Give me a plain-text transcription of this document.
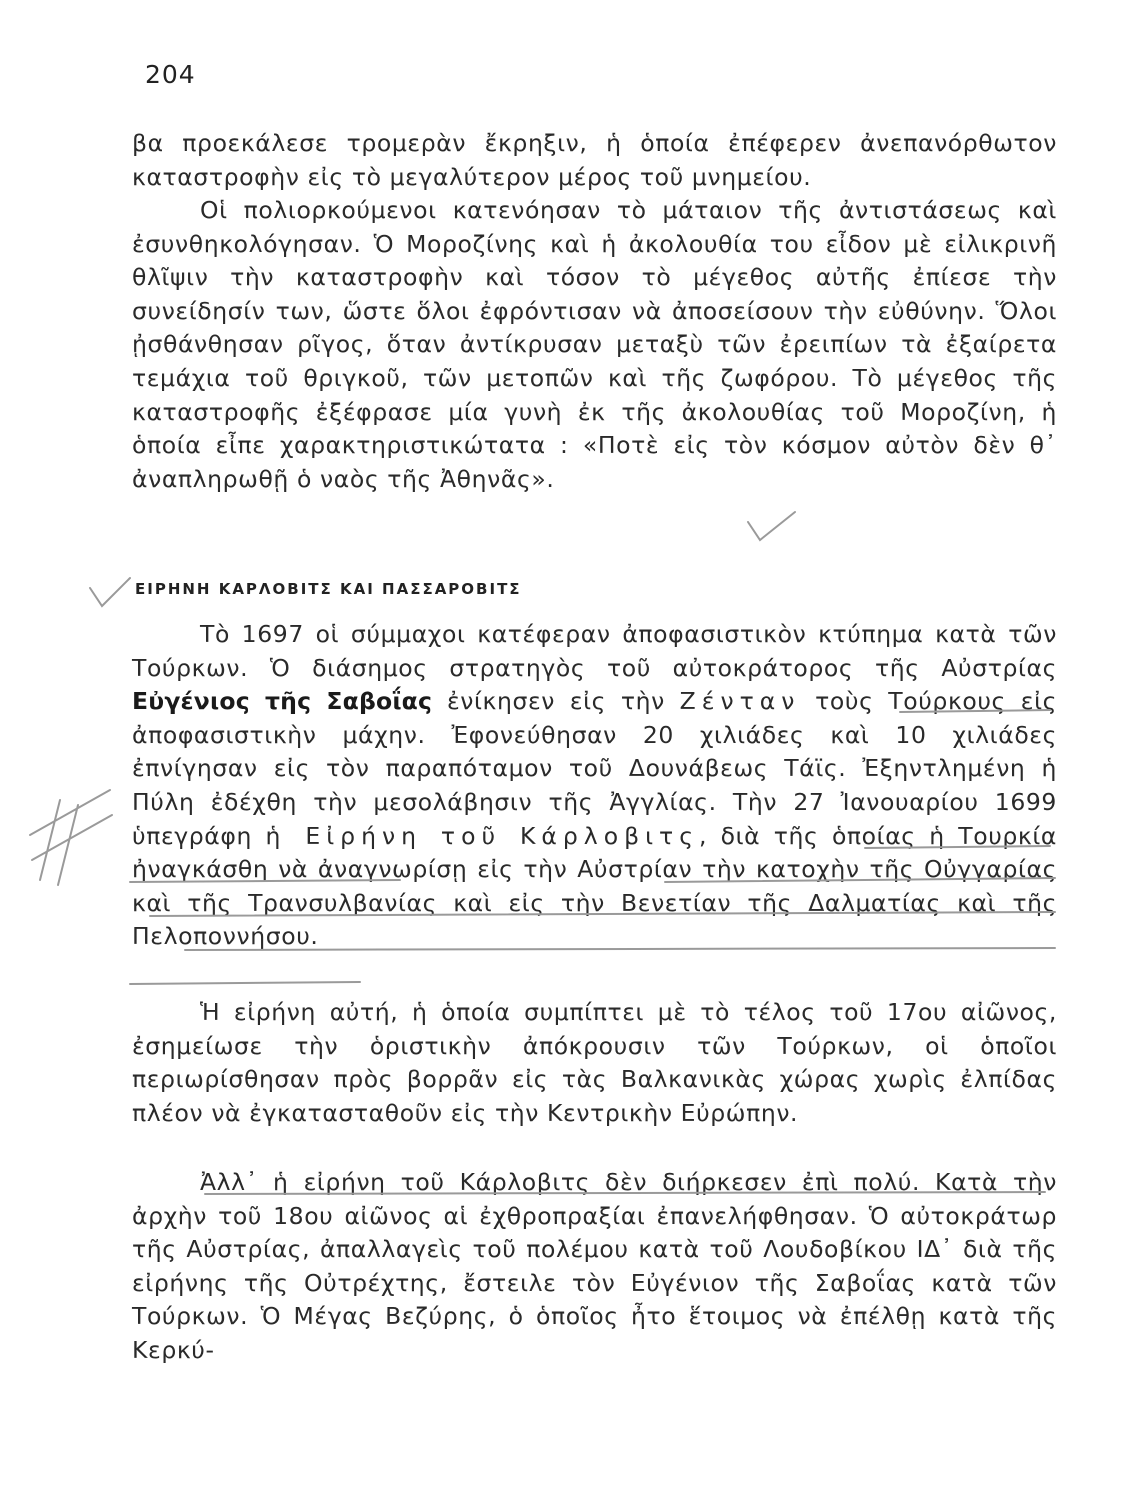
204
βα προεκάλεσε τρομερὰν ἔκρηξιν, ἡ ὁποία ἐπέφερεν ἀνεπανόρθωτον καταστροφὴν εἰς τὸ μεγαλύτερον μέρος τοῦ μνημείου.
Οἱ πολιορκούμενοι κατενόησαν τὸ μάταιον τῆς ἀντιστάσεως καὶ ἐσυνθηκολόγησαν. Ὁ Μοροζίνης καὶ ἡ ἀκολουθία του εἶδον μὲ εἰλικρινῆ θλῖψιν τὴν καταστροφὴν καὶ τόσον τὸ μέγεθος αὐτῆς ἐπίεσε τὴν συνείδησίν των, ὥστε ὅλοι ἐφρόντισαν νὰ ἀποσείσουν τὴν εὐθύνην. Ὅλοι ᾐσθάνθησαν ρῖγος, ὅταν ἀντίκρυσαν μεταξὺ τῶν ἐρειπίων τὰ ἐξαίρετα τεμάχια τοῦ θριγκοῦ, τῶν μετοπῶν καὶ τῆς ζωφόρου. Τὸ μέγεθος τῆς καταστροφῆς ἐξέφρασε μία γυνὴ ἐκ τῆς ἀκολουθίας τοῦ Μοροζίνη, ἡ ὁποία εἶπε χαρακτηριστικώτατα : «Ποτὲ εἰς τὸν κόσμον αὐτὸν δὲν θ᾽ ἀναπληρωθῇ ὁ ναὸς τῆς Ἀθηνᾶς».
ΕΙΡΗΝΗ ΚΑΡΛΟΒΙΤΣ ΚΑΙ ΠΑΣΣΑΡΟΒΙΤΣ
Τὸ 1697 οἱ σύμμαχοι κατέφεραν ἀποφασιστικὸν κτύπημα κατὰ τῶν Τούρκων. Ὁ διάσημος στρατηγὸς τοῦ αὐτοκράτορος τῆς Αὐστρίας Εὐγένιος τῆς Σαβοΐας ἐνίκησεν εἰς τὴν Ζένταν τοὺς Τούρκους εἰς ἀποφασιστικὴν μάχην. Ἐφονεύθησαν 20 χιλιάδες καὶ 10 χιλιάδες ἐπνίγησαν εἰς τὸν παραπόταμον τοῦ Δουνάβεως Τάϊς. Ἐξηντλημένη ἡ Πύλη ἐδέχθη τὴν μεσολάβησιν τῆς Ἀγγλίας. Τὴν 27 Ἰανουαρίου 1699 ὑπεγράφη ἡ Εἰρήνη τοῦ Κάρλοβιτς, διὰ τῆς ὁποίας ἡ Τουρκία ἠναγκάσθη νὰ ἀναγνωρίσῃ εἰς τὴν Αὐστρίαν τὴν κατοχὴν τῆς Οὐγγαρίας καὶ τῆς Τρανσυλβανίας καὶ εἰς τὴν Βενετίαν τῆς Δαλματίας καὶ τῆς Πελοποννήσου.
Ἡ εἰρήνη αὐτή, ἡ ὁποία συμπίπτει μὲ τὸ τέλος τοῦ 17ου αἰῶνος, ἐσημείωσε τὴν ὁριστικὴν ἀπόκρουσιν τῶν Τούρκων, οἱ ὁποῖοι περιωρίσθησαν πρὸς βορρᾶν εἰς τὰς Βαλκανικὰς χώρας χωρὶς ἐλπίδας πλέον νὰ ἐγκατασταθοῦν εἰς τὴν Κεντρικὴν Εὐρώπην.
Ἀλλ᾽ ἡ εἰρήνη τοῦ Κάρλοβιτς δὲν διήρκεσεν ἐπὶ πολύ. Κατὰ τὴν ἀρχὴν τοῦ 18ου αἰῶνος αἱ ἐχθροπραξίαι ἐπανελήφθησαν. Ὁ αὐτοκράτωρ τῆς Αὐστρίας, ἀπαλλαγεὶς τοῦ πολέμου κατὰ τοῦ Λουδοβίκου ΙΔ᾽ διὰ τῆς εἰρήνης τῆς Οὐτρέχτης, ἔστειλε τὸν Εὐγένιον τῆς Σαβοΐας κατὰ τῶν Τούρκων. Ὁ Μέγας Βεζύρης, ὁ ὁποῖος ἦτο ἕτοιμος νὰ ἐπέλθῃ κατὰ τῆς Κερκύ-
